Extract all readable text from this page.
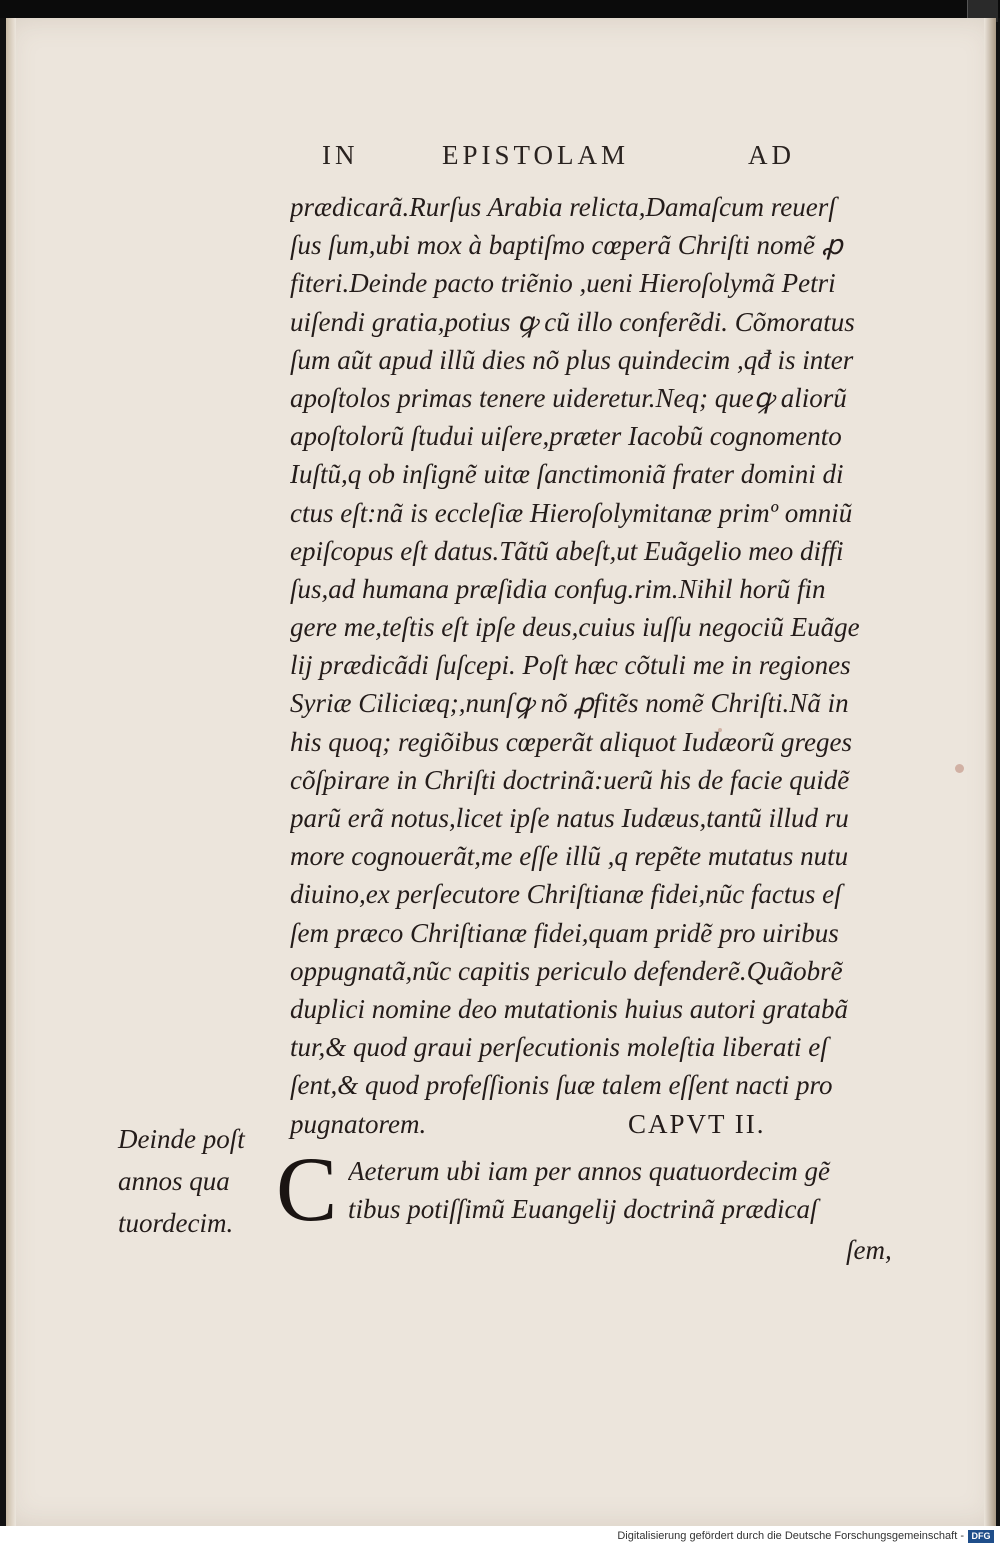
IN	EPISTOLAM	AD
prædicarã.Rurſus Arabia relicta,Damaſcum reuerſ
ſus ſum,ubi mox à baptiſmo cœperã Chriſti nomẽ ꝓ
fiteri.Deinde pacto triẽnio ,ueni Hieroſolymã Petri
uiſendi gratia,potius ꝙ cũ illo conferẽdi. Cõmoratus
ſum aũt apud illũ dies nõ plus quindecim ,qđ is inter
apoſtolos primas tenere uideretur.Neq; queꝙ aliorũ
apoſtolorũ ſtudui uiſere,præter Iacobũ cognomento
Iuſtũ,q ob inſignẽ uitæ ſanctimoniã frater domini di
ctus eſt:nã is eccleſiæ Hieroſolymitanæ primº omniũ
epiſcopus eſt datus.Tãtũ abeſt,ut Euãgelio meo diffi
ſus,ad humana præſidia confug.rim.Nihil horũ fin
gere me,teſtis eſt ipſe deus,cuius iuſſu negociũ Euãge
lij prædicãdi ſuſcepi. Poſt hæc cõtuli me in regiones
Syriæ Ciliciæq;,nunſꝙ nõ ꝓfitẽs nomẽ Chriſti.Nã in
his quoq; regiõibus cœperãt aliquot Iudæorũ greges
cõſpirare in Chriſti doctrinã:uerũ his de facie quidẽ
parũ erã notus,licet ipſe natus Iudæus,tantũ illud ru
more cognouerãt,me eſſe illũ ,q repẽte mutatus nutu
diuino,ex perſecutore Chriſtianæ fidei,nũc factus eſ
ſem præco Chriſtianæ fidei,quam pridẽ pro uiribus
oppugnatã,nũc capitis periculo defenderẽ.Quãobrẽ
duplici nomine deo mutationis huius autori gratabã
tur,& quod graui perſecutionis moleſtia liberati eſ
ſent,& quod profeſſionis ſuæ talem eſſent nacti pro
pugnatorem.	CAPVT II.
Deinde poſt
annos qua
tuordecim. C Aeterum ubi iam per annos quatuordecim gẽ
tibus potiſſimũ Euangelij doctrinã prædicaſ
ſem,
Digitalisierung gefördert durch die Deutsche Forschungsgemeinschaft - DFG
